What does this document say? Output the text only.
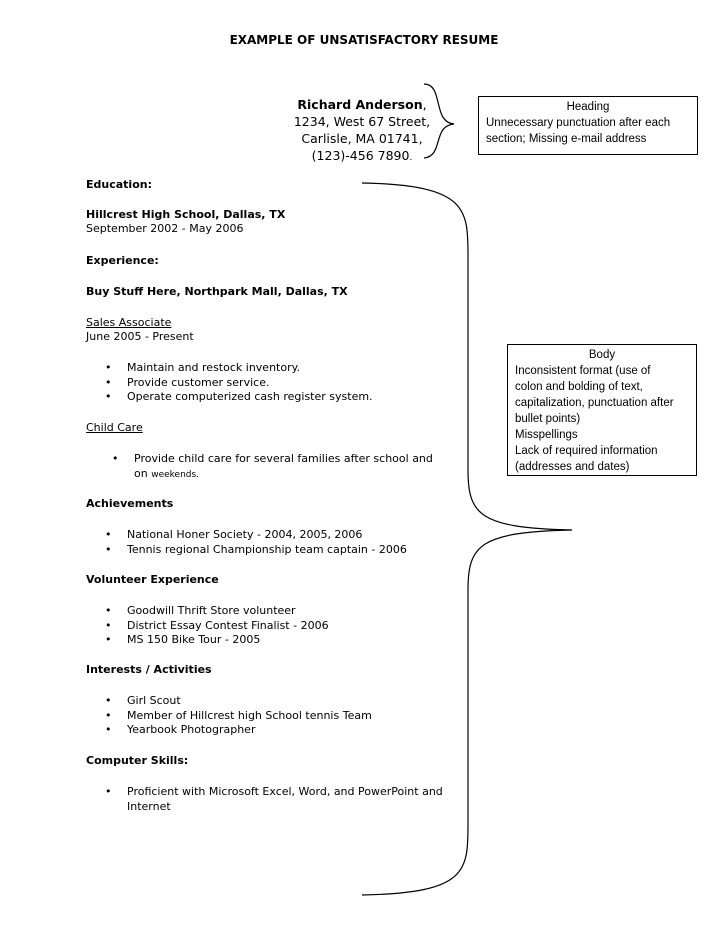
EXAMPLE OF UNSATISFACTORY RESUME
Richard Anderson,
1234, West 67 Street,
Carlisle, MA 01741,
(123)-456 7890.
Heading
Unnecessary punctuation after each
section; Missing e-mail address
Body
Inconsistent format (use of
colon and bolding of text,
capitalization, punctuation after
bullet points)
Misspellings
Lack of required information
(addresses and dates)
Education:
Hillcrest High School, Dallas, TX
September 2002 - May 2006
Experience:
Buy Stuff Here, Northpark Mall, Dallas, TX
Sales Associate
June 2005 - Present
• Maintain and restock inventory.
• Provide customer service.
• Operate computerized cash register system.
Child Care
• Provide child care for several families after school and
on weekends.
Achievements
• National Honer Society - 2004, 2005, 2006
• Tennis regional Championship team captain - 2006
Volunteer Experience
• Goodwill Thrift Store volunteer
• District Essay Contest Finalist - 2006
• MS 150 Bike Tour - 2005
Interests / Activities
• Girl Scout
• Member of Hillcrest high School tennis Team
• Yearbook Photographer
Computer Skills:
• Proficient with Microsoft Excel, Word, and PowerPoint and
Internet
